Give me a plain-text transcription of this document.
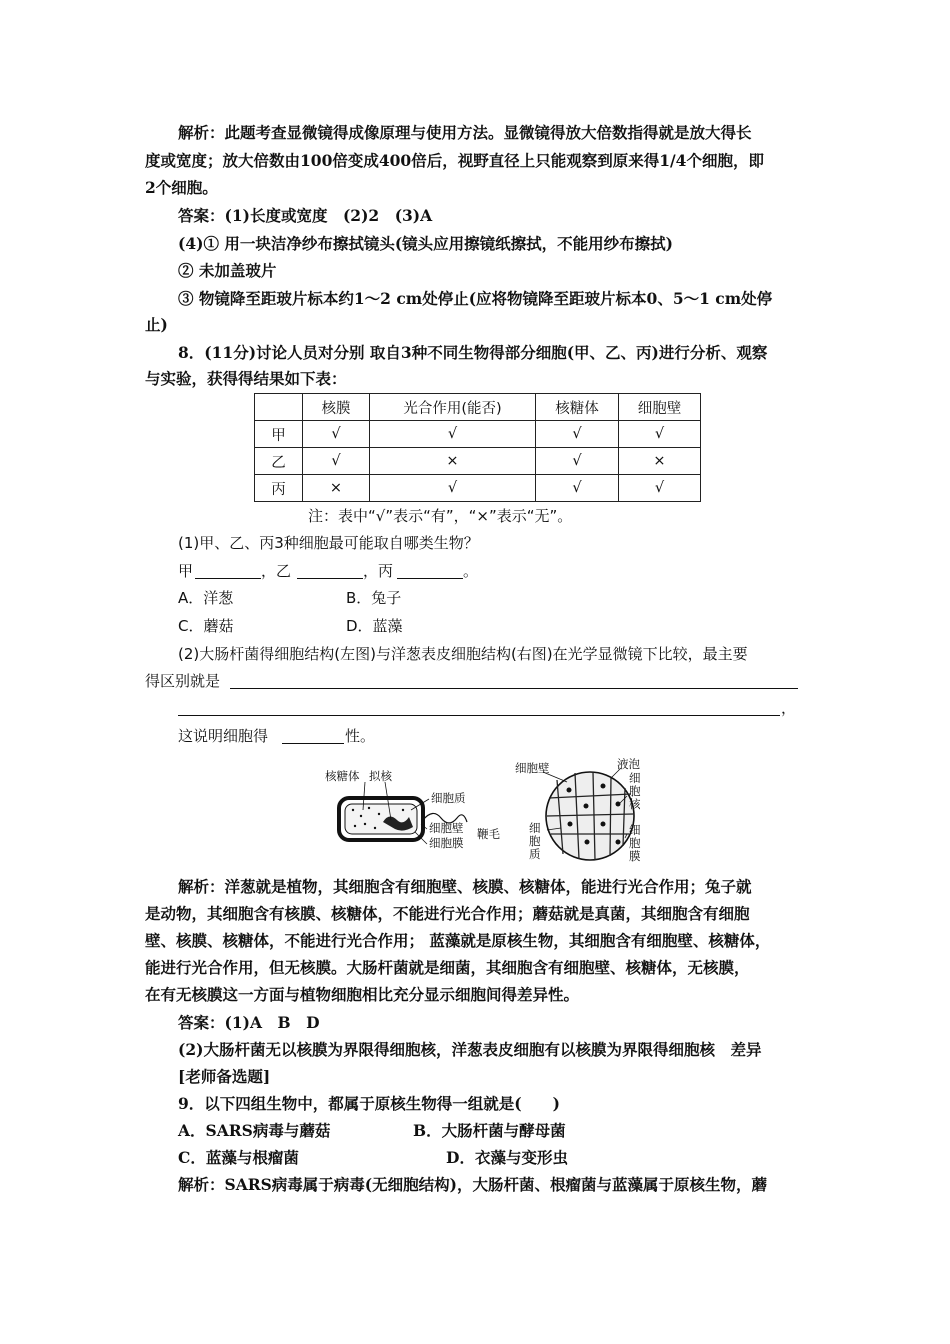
解析：此题考查显微镜得成像原理与使用方法。显微镜得放大倍数指得就是放大得长
度或宽度；放大倍数由100倍变成400倍后，视野直径上只能观察到原来得1/4个细胞，即
2个细胞。
答案：(1)长度或宽度　(2)2　(3)A
(4)① 用一块洁净纱布擦拭镜头(镜头应用擦镜纸擦拭，不能用纱布擦拭)
② 未加盖玻片
③ 物镜降至距玻片标本约1～2 cm处停止(应将物镜降至距玻片标本0、5～1 cm处停
止)
8．(11分)讨论人员对分别 取自3种不同生物得部分细胞(甲、乙、丙)进行分析、观察
与实验，获得得结果如下表：
	核膜	光合作用(能否)	核糖体	细胞壁
甲	√	√	√	√
乙	√	×	√	×
丙	×	√	√	√
注：表中“√”表示“有”，“×”表示“无”。
(1)甲、乙、丙3种细胞最可能取自哪类生物？
甲	，乙	，丙	。
A．洋葱	B．兔子
C．蘑菇	D．蓝藻
(2)大肠杆菌得细胞结构(左图)与洋葱表皮细胞结构(右图)在光学显微镜下比较，最主要
得区别就是
，
这说明细胞得	性。
核糖体 拟核
细胞质
细胞壁
细胞膜
鞭毛
细胞壁	液泡
细
胞
核
细
胞
质
细
胞
膜
解析：洋葱就是植物，其细胞含有细胞壁、核膜、核糖体，能进行光合作用；兔子就
是动物，其细胞含有核膜、核糖体，不能进行光合作用；蘑菇就是真菌，其细胞含有细胞
壁、核膜、核糖体，不能进行光合作用； 蓝藻就是原核生物，其细胞含有细胞壁、核糖体，
能进行光合作用，但无核膜。大肠杆菌就是细菌，其细胞含有细胞壁、核糖体，无核膜，
在有无核膜这一方面与植物细胞相比充分显示细胞间得差异性。
答案：(1)A　B　D
(2)大肠杆菌无以核膜为界限得细胞核，洋葱表皮细胞有以核膜为界限得细胞核　差异
[老师备选题]
9．以下四组生物中，都属于原核生物得一组就是(　　)
A．SARS病毒与蘑菇	B．大肠杆菌与酵母菌
C．蓝藻与根瘤菌	D．衣藻与变形虫
解析：SARS病毒属于病毒(无细胞结构)，大肠杆菌、根瘤菌与蓝藻属于原核生物，蘑
